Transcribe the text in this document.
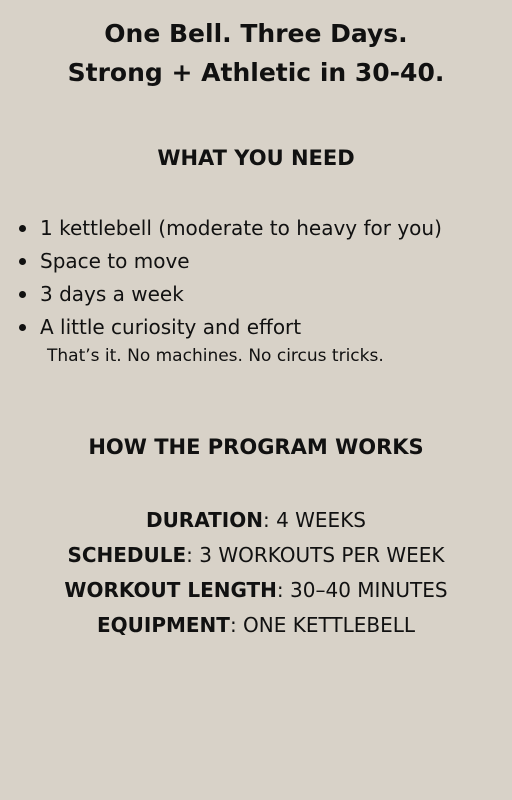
One Bell. Three Days.
Strong + Athletic in 30-40.
WHAT YOU NEED
1 kettlebell (moderate to heavy for you)
Space to move
3 days a week
A little curiosity and effort

That’s it. No machines. No circus tricks.

HOW THE PROGRAM WORKS
DURATION: 4 WEEKS
SCHEDULE: 3 WORKOUTS PER WEEK
WORKOUT LENGTH: 30–40 MINUTES
EQUIPMENT: ONE KETTLEBELL
